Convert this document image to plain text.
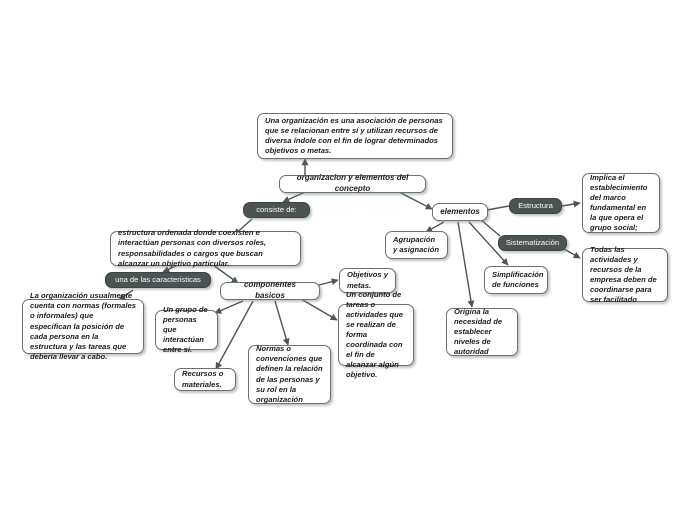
Una organización es una asociación de personas que se relacionan entre sí y utilizan recursos de diversa índole con el fin de lograr determinados objetivos o metas.
organizacion y elementos del concepto
consiste de:
estructura ordenada donde coexisten e interactúan personas con diversos roles, responsabilidades o cargos que buscan alcanzar un objetivo particular.
una de las caracteristicas
La organización usualmente cuenta con normas (formales o informales) que especifican la posición de cada persona en la estructura y las tareas que debería llevar a cabo.
componentes basicos
Un grupo de personas que interactúan entre sí.
Recursos o materiales.
Normas o convenciones que definen la relación de las personas y su rol en la organización
Objetivos y metas.
Un conjunto de tareas o actividades que se realizan de forma coordinada con el fin de alcanzar algún objetivo.
elementos
Agrupación y asignación
Simplificación de funciones
Origina la necesidad de establecer niveles de autoridad
Estructura
Sistematización
Implica el establecimiento del marco fundamental en la que opera el grupo social;
Todas las actividades y recursos de la empresa deben de coordinarse para ser facilitado
